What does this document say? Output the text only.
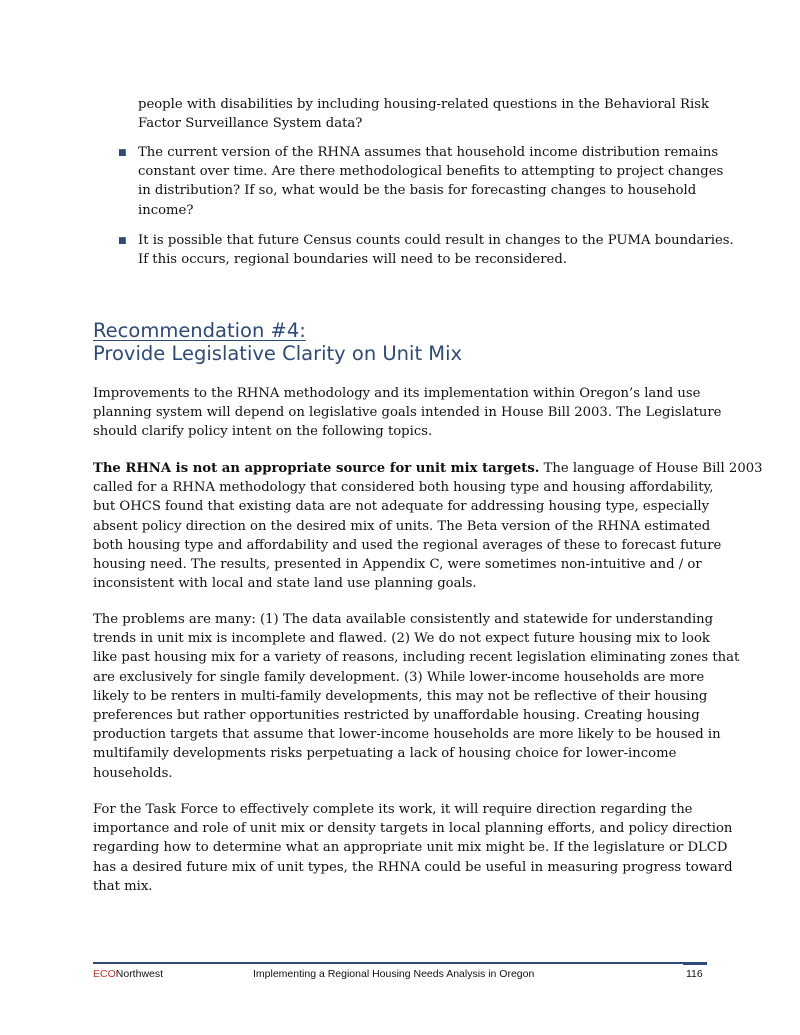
people with disabilities by including housing-related questions in the Behavioral Risk
Factor Surveillance System data?
■ The current version of the RHNA assumes that household income distribution remains
constant over time. Are there methodological benefits to attempting to project changes
in distribution? If so, what would be the basis for forecasting changes to household
income?
■ It is possible that future Census counts could result in changes to the PUMA boundaries.
If this occurs, regional boundaries will need to be reconsidered.
Recommendation #4:
Provide Legislative Clarity on Unit Mix
Improvements to the RHNA methodology and its implementation within Oregon’s land use
planning system will depend on legislative goals intended in House Bill 2003. The Legislature
should clarify policy intent on the following topics.
The RHNA is not an appropriate source for unit mix targets. The language of House Bill 2003
called for a RHNA methodology that considered both housing type and housing affordability,
but OHCS found that existing data are not adequate for addressing housing type, especially
absent policy direction on the desired mix of units. The Beta version of the RHNA estimated
both housing type and affordability and used the regional averages of these to forecast future
housing need. The results, presented in Appendix C, were sometimes non-intuitive and / or
inconsistent with local and state land use planning goals.
The problems are many: (1) The data available consistently and statewide for understanding
trends in unit mix is incomplete and flawed. (2) We do not expect future housing mix to look
like past housing mix for a variety of reasons, including recent legislation eliminating zones that
are exclusively for single family development. (3) While lower-income households are more
likely to be renters in multi-family developments, this may not be reflective of their housing
preferences but rather opportunities restricted by unaffordable housing. Creating housing
production targets that assume that lower-income households are more likely to be housed in
multifamily developments risks perpetuating a lack of housing choice for lower-income
households.
For the Task Force to effectively complete its work, it will require direction regarding the
importance and role of unit mix or density targets in local planning efforts, and policy direction
regarding how to determine what an appropriate unit mix might be. If the legislature or DLCD
has a desired future mix of unit types, the RHNA could be useful in measuring progress toward
that mix.
ECONorthwest	Implementing a Regional Housing Needs Analysis in Oregon	116
